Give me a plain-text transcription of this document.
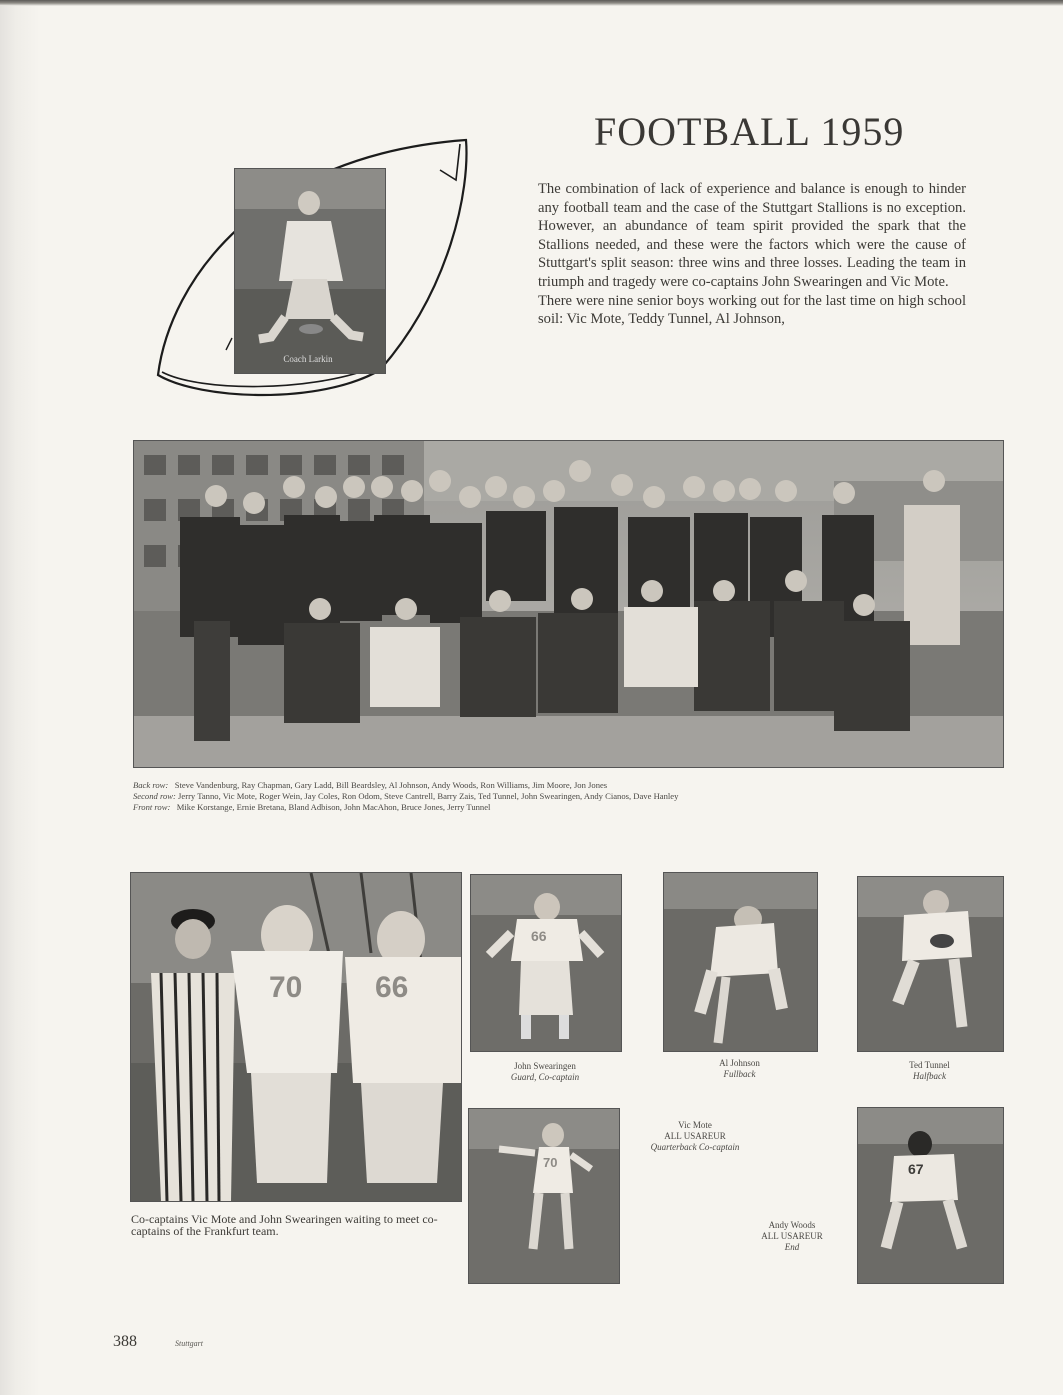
FOOTBALL 1959

The combination of lack of experience and balance is enough to hinder any football team and the case of the Stuttgart Stallions is no exception. However, an abundance of team spirit provided the spark that the Stallions needed, and these were the factors which were the cause of Stuttgart's split season: three wins and three losses. Leading the team in triumph and tragedy were co-captains John Swearingen and Vic Mote.

There were nine senior boys working out for the last time on high school soil: Vic Mote, Teddy Tunnel, Al Johnson,

Coach Larkin
Back row: Steve Vandenburg, Ray Chapman, Gary Ladd, Bill Beardsley, Al Johnson, Andy Woods, Ron Williams, Jim Moore, Jon Jones
Second row: Jerry Tanno, Vic Mote, Roger Wein, Jay Coles, Ron Odom, Steve Cantrell, Barry Zais, Ted Tunnel, John Swearingen, Andy Cianos, Dave Hanley
Front row: Mike Korstange, Ernie Bretana, Bland Adbison, John MacAhon, Bruce Jones, Jerry Tunnel
70 66
Co-captains Vic Mote and John Swearingen waiting to meet co-captains of the Frankfurt team.
66
John Swearingen
Guard, Co-captain
Al Johnson
Fullback
Ted Tunnel
Halfback
70
Vic Mote
ALL USAREUR
Quarterback Co-captain
67
Andy Woods
ALL USAREUR
End
388	Stuttgart
